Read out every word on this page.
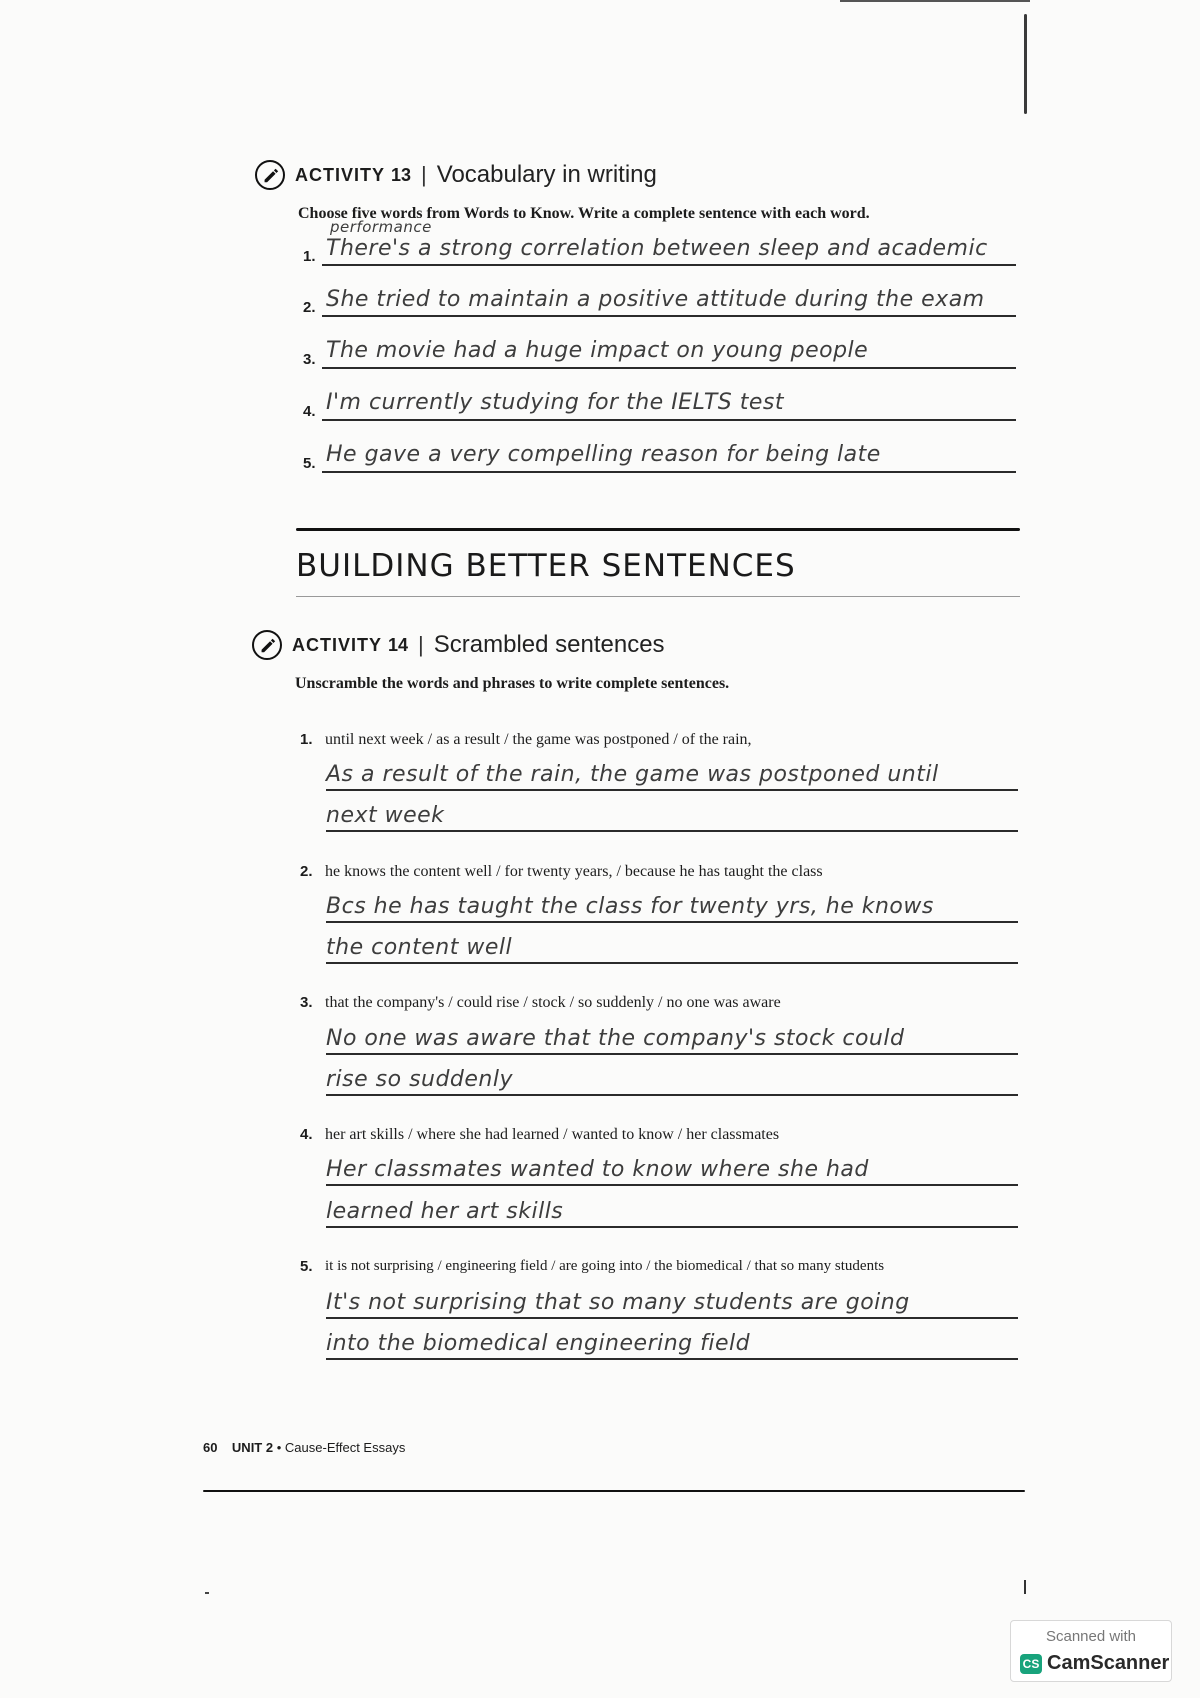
ACTIVITY 13 | Vocabulary in writing
Choose five words from Words to Know. Write a complete sentence with each word.
performance
1. There's a strong correlation between sleep and academic
2. She tried to maintain a positive attitude during the exam
3. The movie had a huge impact on young people
4. I'm currently studying for the IELTS test
5. He gave a very compelling reason for being late
BUILDING BETTER SENTENCES
ACTIVITY 14 | Scrambled sentences
Unscramble the words and phrases to write complete sentences.
1. until next week / as a result / the game was postponed / of the rain,
As a result of the rain, the game was postponed until
next week
2. he knows the content well / for twenty years, / because he has taught the class
Bcs he has taught the class for twenty yrs, he knows
the content well
3. that the company's / could rise / stock / so suddenly / no one was aware
No one was aware that the company's stock could
rise so suddenly
4. her art skills / where she had learned / wanted to know / her classmates
Her classmates wanted to know where she had
learned her art skills
5. it is not surprising / engineering field / are going into / the biomedical / that so many students
It's not surprising that so many students are going
into the biomedical engineering field
60 UNIT 2 • Cause-Effect Essays
Scanned with
CS CamScanner
